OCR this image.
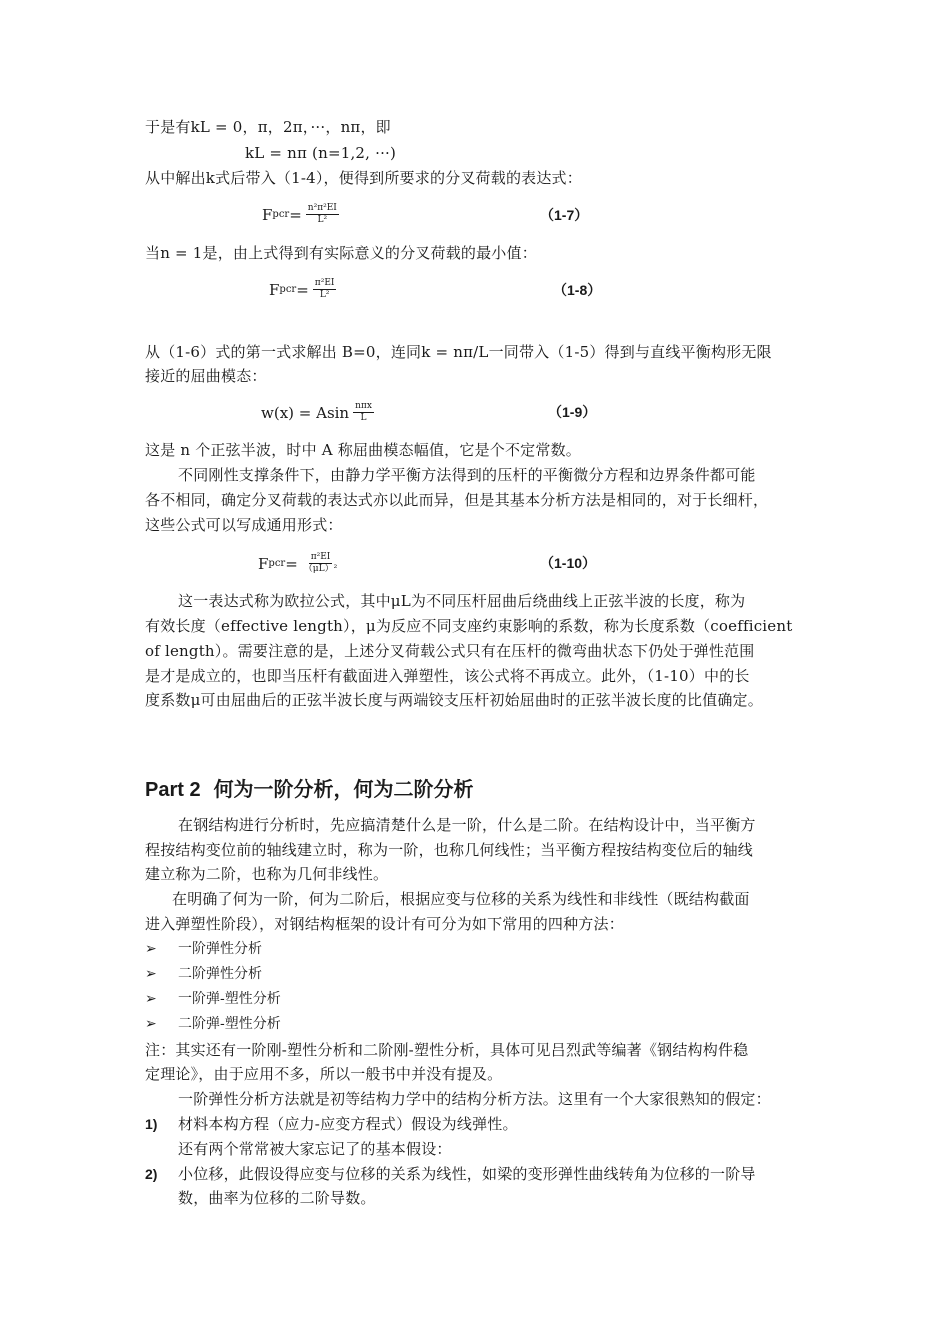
于是有kL = 0，π，2π，···，nπ，即
kL = nπ (n=1,2, ···)
从中解出k式后带入（1-4），便得到所要求的分叉荷载的表达式：
F pcr = $\frac{\text{n²π²EI}}{\text{L²}}$	（1-7）
当n = 1是，由上式得到有实际意义的分叉荷载的最小值：
F pcr = $\frac{\text{π²EI}}{\text{L²}}$	（1-8）
从（1-6）式的第一式求解出 B=0，连同k = nπ/L一同带入（1-5）得到与直线平衡构形无限
接近的屈曲模态：
w(x) = Asin $\frac{\text{nπx}}{L}$	（1-9）
这是 n 个正弦半波，时中 A 称屈曲模态幅值，它是个不定常数。
不同刚性支撑条件下，由静力学平衡方法得到的压杆的平衡微分方程和边界条件都可能
各不相同，确定分叉荷载的表达式亦以此而异，但是其基本分析方法是相同的，对于长细杆，
这些公式可以写成通用形式：
F pcr = $\frac{\text{π²EI}}{\text{（μL）²}}$	（1-10）
这一表达式称为欧拉公式，其中μL为不同压杆屈曲后绕曲线上正弦半波的长度，称为
有效长度（effective length），μ为反应不同支座约束影响的系数，称为长度系数（coefficient
of length）。需要注意的是，上述分叉荷载公式只有在压杆的微弯曲状态下仍处于弹性范围
是才是成立的，也即当压杆有截面进入弹塑性，该公式将不再成立。此外，（1-10）中的长
度系数μ可由屈曲后的正弦半波长度与两端铰支压杆初始屈曲时的正弦半波长度的比值确定。
Part 2 何为一阶分析，何为二阶分析
在钢结构进行分析时，先应搞清楚什么是一阶，什么是二阶。在结构设计中，当平衡方
程按结构变位前的轴线建立时，称为一阶，也称几何线性；当平衡方程按结构变位后的轴线
建立称为二阶，也称为几何非线性。
在明确了何为一阶，何为二阶后，根据应变与位移的关系为线性和非线性（既结构截面
进入弹塑性阶段），对钢结构框架的设计有可分为如下常用的四种方法：
➢ 一阶弹性分析
➢ 二阶弹性分析
➢ 一阶弹-塑性分析
➢ 二阶弹-塑性分析
注：其实还有一阶刚-塑性分析和二阶刚-塑性分析，具体可见吕烈武等编著《钢结构构件稳
定理论》，由于应用不多，所以一般书中并没有提及。
一阶弹性分析方法就是初等结构力学中的结构分析方法。这里有一个大家很熟知的假定：
1) 材料本构方程（应力-应变方程式）假设为线弹性。
还有两个常常被大家忘记了的基本假设：
2) 小位移，此假设得应变与位移的关系为线性，如梁的变形弹性曲线转角为位移的一阶导
数，曲率为位移的二阶导数。
